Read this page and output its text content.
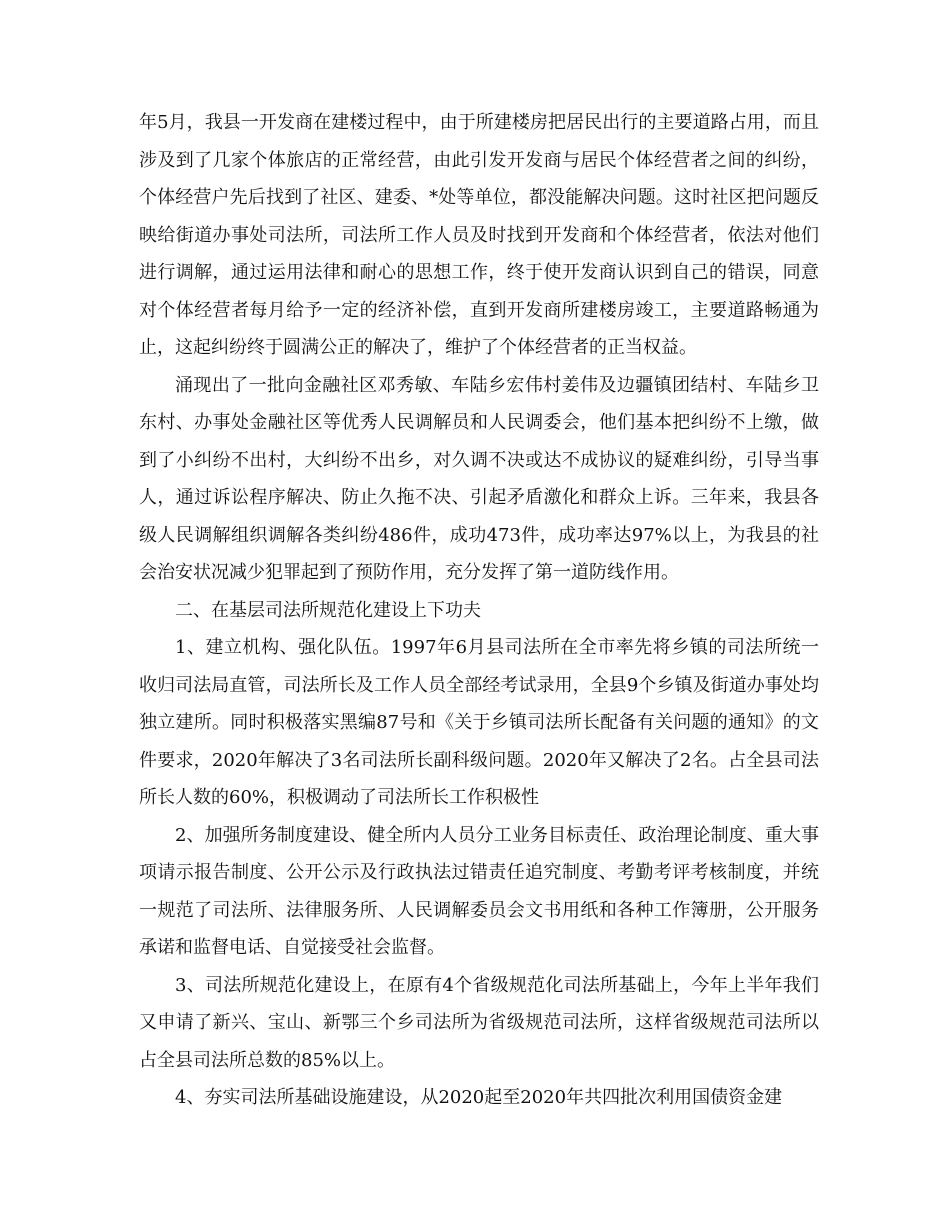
年5月，我县一开发商在建楼过程中，由于所建楼房把居民出行的主要道路占用，而且涉及到了几家个体旅店的正常经营，由此引发开发商与居民个体经营者之间的纠纷，个体经营户先后找到了社区、建委、*处等单位，都没能解决问题。这时社区把问题反映给街道办事处司法所，司法所工作人员及时找到开发商和个体经营者，依法对他们进行调解，通过运用法律和耐心的思想工作，终于使开发商认识到自己的错误，同意对个体经营者每月给予一定的经济补偿，直到开发商所建楼房竣工，主要道路畅通为止，这起纠纷终于圆满公正的解决了，维护了个体经营者的正当权益。

涌现出了一批向金融社区邓秀敏、车陆乡宏伟村姜伟及边疆镇团结村、车陆乡卫东村、办事处金融社区等优秀人民调解员和人民调委会，他们基本把纠纷不上缴，做到了小纠纷不出村，大纠纷不出乡，对久调不决或达不成协议的疑难纠纷，引导当事人，通过诉讼程序解决、防止久拖不决、引起矛盾激化和群众上诉。三年来，我县各级人民调解组织调解各类纠纷486件，成功473件，成功率达97%以上，为我县的社会治安状况减少犯罪起到了预防作用，充分发挥了第一道防线作用。

二、在基层司法所规范化建设上下功夫

1、建立机构、强化队伍。1997年6月县司法所在全市率先将乡镇的司法所统一收归司法局直管，司法所长及工作人员全部经考试录用，全县9个乡镇及街道办事处均独立建所。同时积极落实黑编87号和《关于乡镇司法所长配备有关问题的通知》的文件要求，2020年解决了3名司法所长副科级问题。2020年又解决了2名。占全县司法所长人数的60%，积极调动了司法所长工作积极性

2、加强所务制度建设、健全所内人员分工业务目标责任、政治理论制度、重大事项请示报告制度、公开公示及行政执法过错责任追究制度、考勤考评考核制度，并统一规范了司法所、法律服务所、人民调解委员会文书用纸和各种工作簿册，公开服务承诺和监督电话、自觉接受社会监督。

3、司法所规范化建设上，在原有4个省级规范化司法所基础上，今年上半年我们又申请了新兴、宝山、新鄂三个乡司法所为省级规范司法所，这样省级规范司法所以占全县司法所总数的85%以上。

4、夯实司法所基础设施建设，从2020起至2020年共四批次利用国债资金建
